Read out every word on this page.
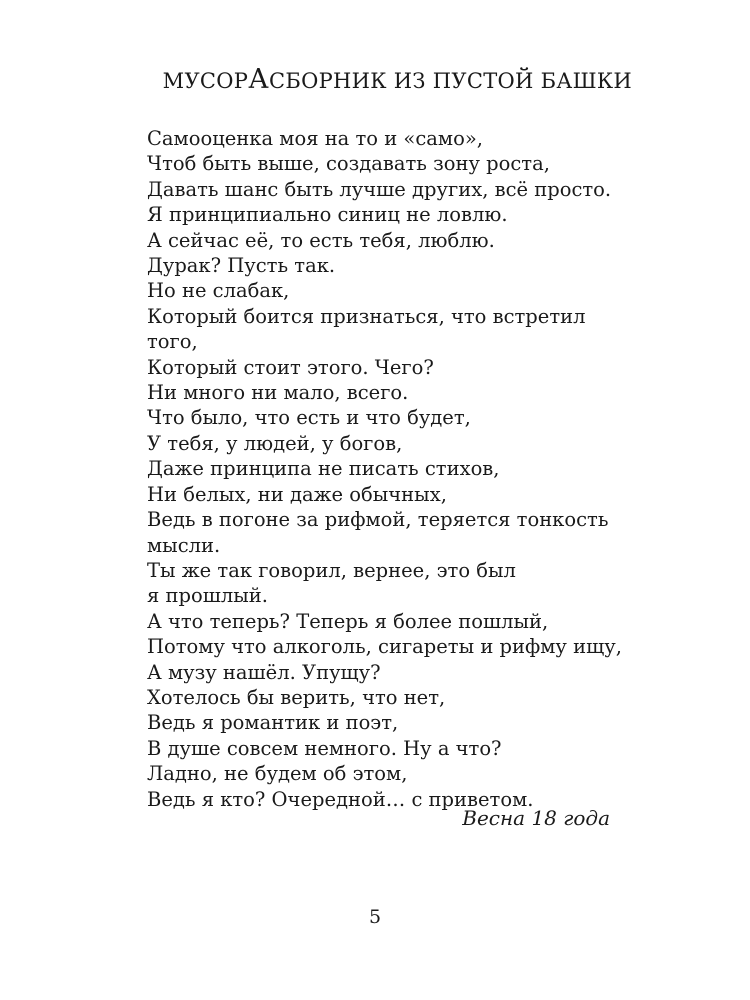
МУСОРАСБОРНИК ИЗ ПУСТОЙ БАШКИ
Самооценка моя на то и «само»,
Чтоб быть выше, создавать зону роста,
Давать шанс быть лучше других, всё просто.
Я принципиально синиц не ловлю.
А сейчас её, то есть тебя, люблю.
Дурак? Пусть так.
Но не слабак,
Который боится признаться, что встретил
того,
Который стоит этого. Чего?
Ни много ни мало, всего.
Что было, что есть и что будет,
У тебя, у людей, у богов,
Даже принципа не писать стихов,
Ни белых, ни даже обычных,
Ведь в погоне за рифмой, теряется тонкость
мысли.
Ты же так говорил, вернее, это был
я прошлый.
А что теперь? Теперь я более пошлый,
Потому что алкоголь, сигареты и рифму ищу,
А музу нашёл. Упущу?
Хотелось бы верить, что нет,
Ведь я романтик и поэт,
В душе совсем немного. Ну а что?
Ладно, не будем об этом,
Ведь я кто? Очередной… с приветом.
Весна 18 года
5
